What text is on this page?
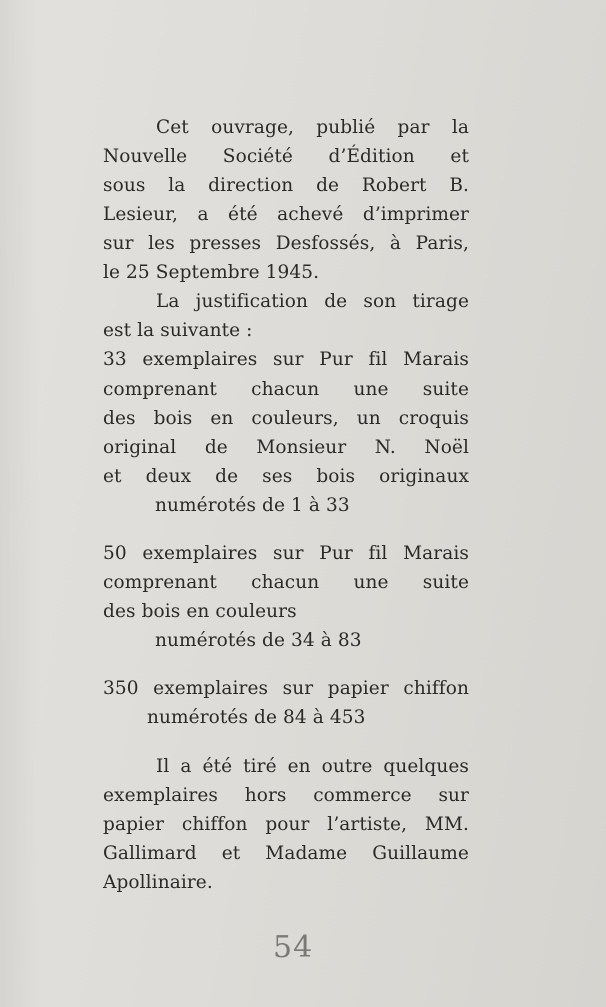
Cet ouvrage, publié par la

Nouvelle Société d’Édition et

sous la direction de Robert B.

Lesieur, a été achevé d’imprimer

sur les presses Desfossés, à Paris,

le 25 Septembre 1945.

La justification de son tirage

est la suivante :

33 exemplaires sur Pur fil Marais

comprenant chacun une suite

des bois en couleurs, un croquis

original de Monsieur N. Noël

et deux de ses bois originaux

numérotés de 1 à 33

50 exemplaires sur Pur fil Marais

comprenant chacun une suite

des bois en couleurs

numérotés de 34 à 83

350 exemplaires sur papier chiffon

numérotés de 84 à 453

Il a été tiré en outre quelques

exemplaires hors commerce sur

papier chiffon pour l’artiste, MM.

Gallimard et Madame Guillaume

Apollinaire.

54
